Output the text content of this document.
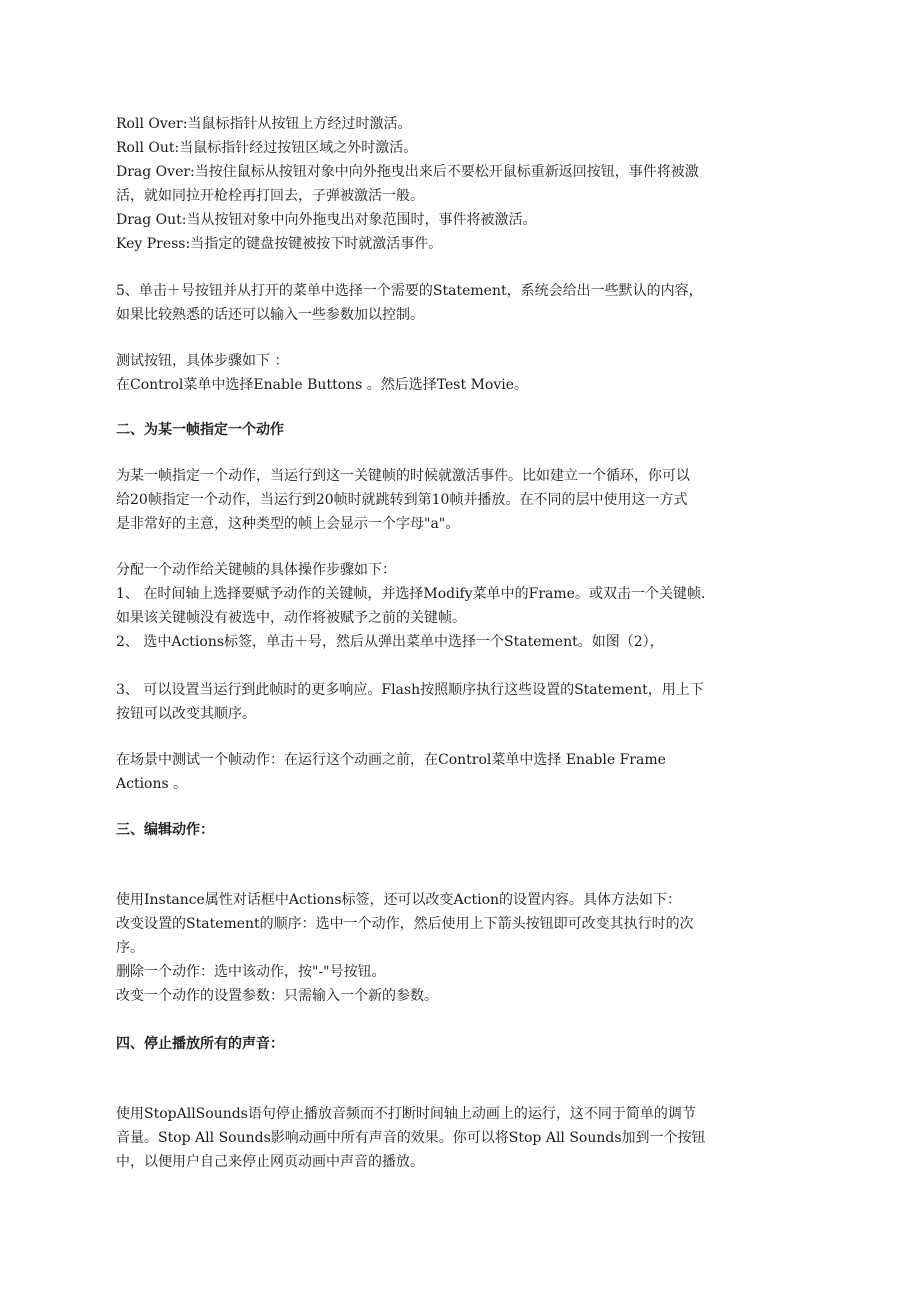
Roll Over:当鼠标指针从按钮上方经过时激活。
Roll Out:当鼠标指针经过按钮区域之外时激活。
Drag Over:当按住鼠标从按钮对象中向外拖曳出来后不要松开鼠标重新返回按钮，事件将被激
活，就如同拉开枪栓再打回去，子弹被激活一般。
Drag Out:当从按钮对象中向外拖曳出对象范围时，事件将被激活。
Key Press:当指定的键盘按键被按下时就激活事件。
5、单击＋号按钮并从打开的菜单中选择一个需要的Statement，系统会给出一些默认的内容，
如果比较熟悉的话还可以输入一些参数加以控制。
测试按钮，具体步骤如下 ：
在Control菜单中选择Enable Buttons 。然后选择Test Movie。
二、为某一帧指定一个动作
为某一帧指定一个动作，当运行到这一关键帧的时候就激活事件。比如建立一个循环，你可以
给20帧指定一个动作，当运行到20帧时就跳转到第10帧并播放。在不同的层中使用这一方式
是非常好的主意，这种类型的帧上会显示一个字母"a"。
分配一个动作给关键帧的具体操作步骤如下：
1、 在时间轴上选择要赋予动作的关键帧，并选择Modify菜单中的Frame。或双击一个关键帧.
如果该关键帧没有被选中，动作将被赋予之前的关键帧。
2、 选中Actions标签，单击＋号，然后从弹出菜单中选择一个Statement。如图（2），
3、 可以设置当运行到此帧时的更多响应。Flash按照顺序执行这些设置的Statement，用上下
按钮可以改变其顺序。
在场景中测试一个帧动作：在运行这个动画之前，在Control菜单中选择 Enable Frame
Actions 。
三、编辑动作：
使用Instance属性对话框中Actions标签，还可以改变Action的设置内容。具体方法如下：
改变设置的Statement的顺序：选中一个动作，然后使用上下箭头按钮即可改变其执行时的次
序。
删除一个动作：选中该动作，按"-"号按钮。
改变一个动作的设置参数：只需输入一个新的参数。
四、停止播放所有的声音：
使用StopAllSounds语句停止播放音频而不打断时间轴上动画上的运行，这不同于简单的调节
音量。Stop All Sounds影响动画中所有声音的效果。你可以将Stop All Sounds加到一个按钮
中，以便用户自己来停止网页动画中声音的播放。
